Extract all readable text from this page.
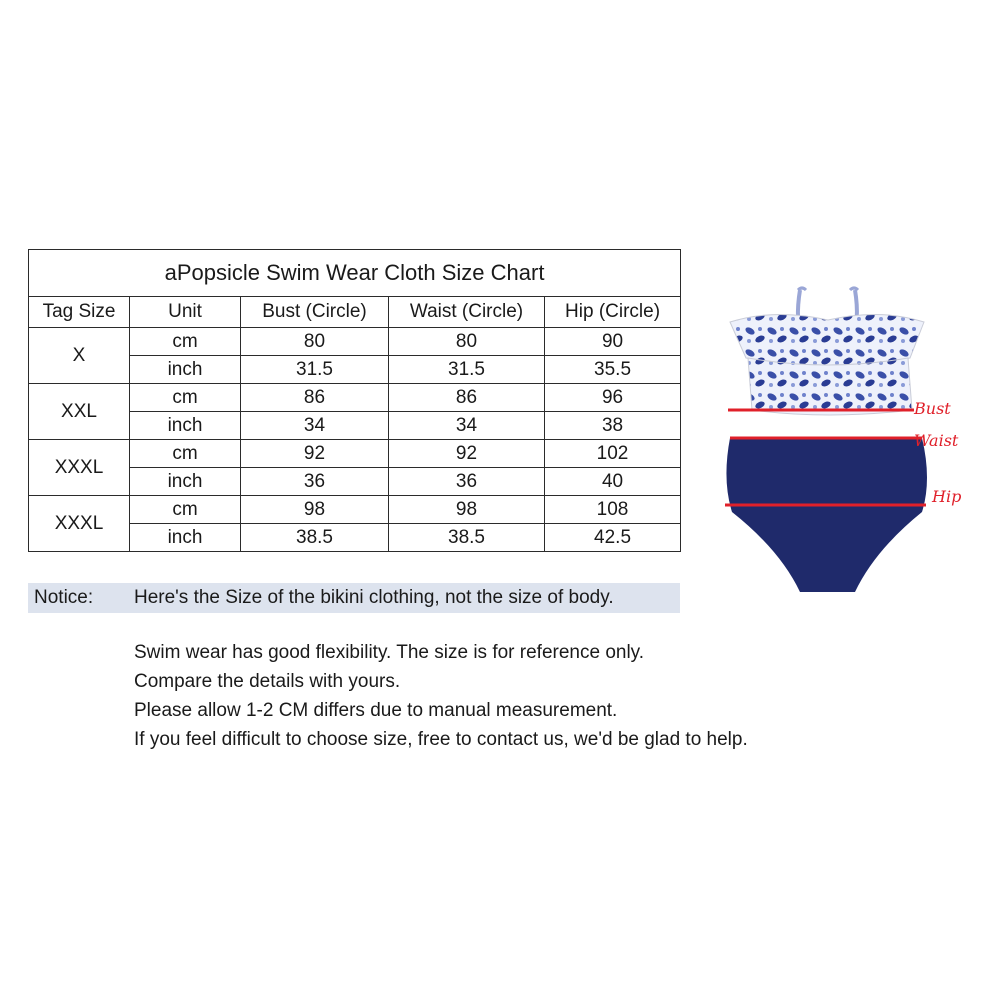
aPopsicle Swim Wear Cloth Size Chart				
Tag Size	Unit	Bust (Circle)	Waist (Circle)	Hip (Circle)
X	cm	80	80	90
	inch	31.5	31.5	35.5
XXL	cm	86	86	96
	inch	34	34	38
XXXL	cm	92	92	102
	inch	36	36	40
XXXL	cm	98	98	108
	inch	38.5	38.5	42.5
Notice: Here's the Size of the bikini clothing, not the size of body.
Swim wear has good flexibility. The size is for reference only.
Compare the details with yours.
Please allow 1-2 CM differs due to manual measurement.
If you feel difficult to choose size, free to contact us, we'd be glad to help.
Bust
Waist
Hip
